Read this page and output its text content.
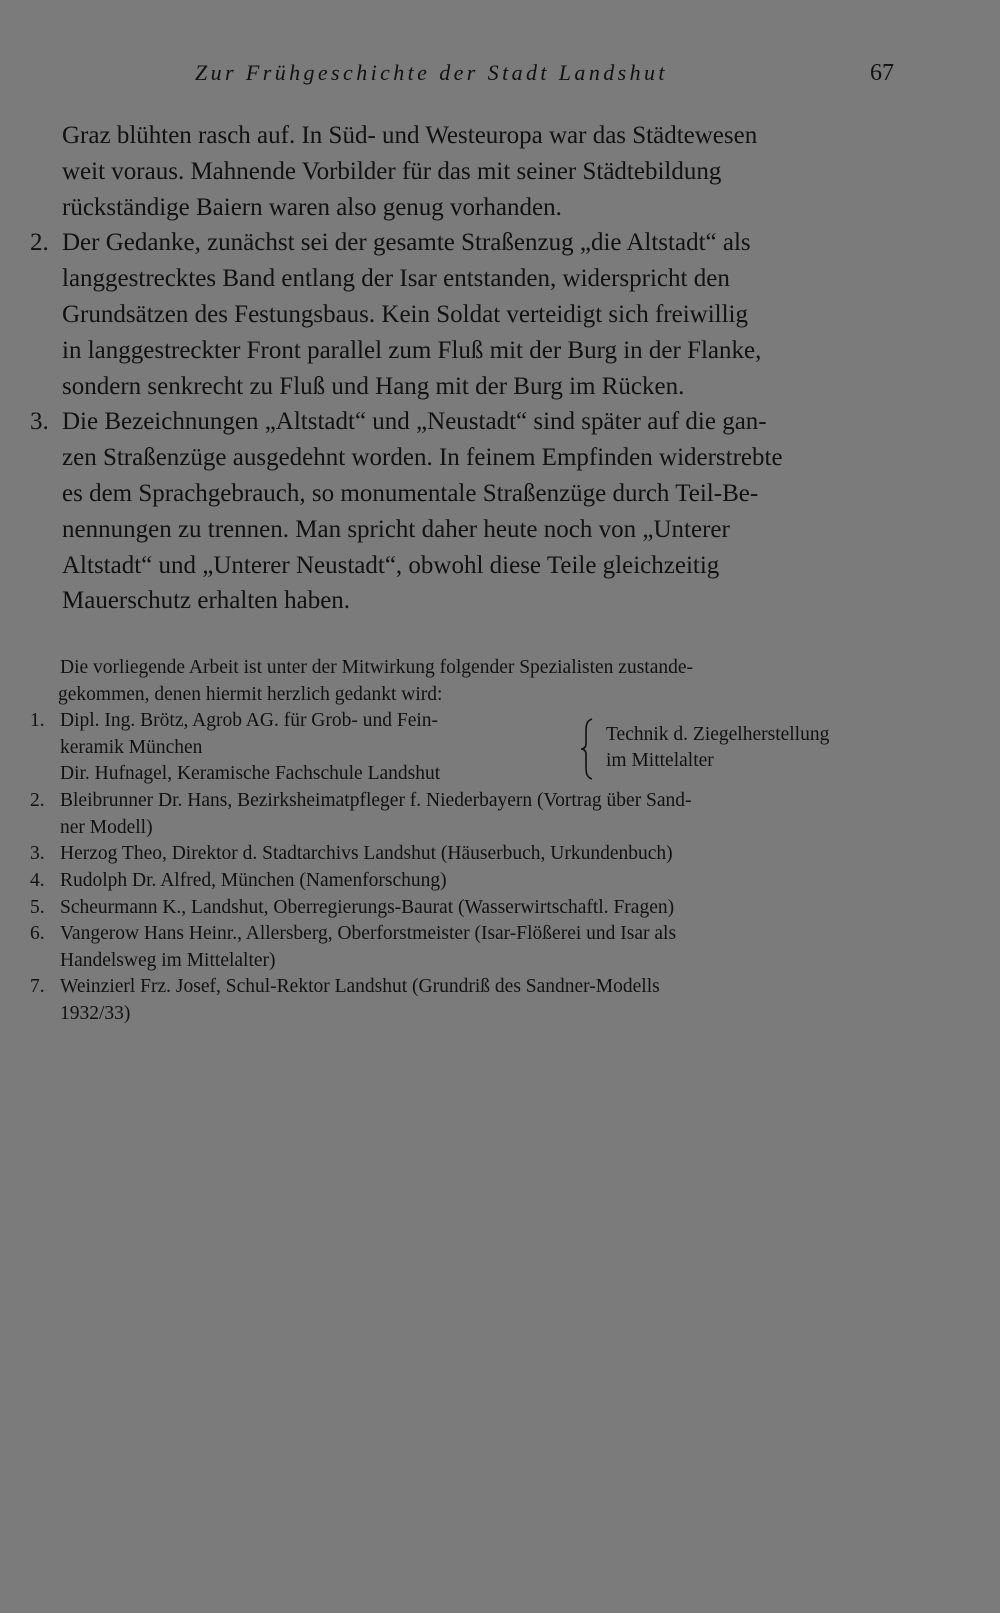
Zur Frühgeschichte der Stadt Landshut	67

Graz blühten rasch auf. In Süd- und Westeuropa war das Städtewesen
weit voraus. Mahnende Vorbilder für das mit seiner Städtebildung
rückständige Baiern waren also genug vorhanden.

2. Der Gedanke, zunächst sei der gesamte Straßenzug „die Altstadt“ als
langgestrecktes Band entlang der Isar entstanden, widerspricht den
Grundsätzen des Festungsbaus. Kein Soldat verteidigt sich freiwillig
in langgestreckter Front parallel zum Fluß mit der Burg in der Flanke,
sondern senkrecht zu Fluß und Hang mit der Burg im Rücken.
3. Die Bezeichnungen „Altstadt“ und „Neustadt“ sind später auf die gan-
zen Straßenzüge ausgedehnt worden. In feinem Empfinden widerstrebte
es dem Sprachgebrauch, so monumentale Straßenzüge durch Teil-Be-
nennungen zu trennen. Man spricht daher heute noch von „Unterer
Altstadt“ und „Unterer Neustadt“, obwohl diese Teile gleichzeitig
Mauerschutz erhalten haben.

Die vorliegende Arbeit ist unter der Mitwirkung folgender Spezialisten zustande-
gekommen, denen hiermit herzlich gedankt wird:

1. Dipl. Ing. Brötz, Agrob AG. für Grob- und Fein-
keramik München
Dir. Hufnagel, Keramische Fachschule Landshut
Technik d. Ziegelherstellung
im Mittelalter
2. Bleibrunner Dr. Hans, Bezirksheimatpfleger f. Niederbayern (Vortrag über Sand-
ner Modell)
3. Herzog Theo, Direktor d. Stadtarchivs Landshut (Häuserbuch, Urkundenbuch)
4. Rudolph Dr. Alfred, München (Namenforschung)
5. Scheurmann K., Landshut, Oberregierungs-Baurat (Wasserwirtschaftl. Fragen)
6. Vangerow Hans Heinr., Allersberg, Oberforstmeister (Isar-Flößerei und Isar als
Handelsweg im Mittelalter)
7. Weinzierl Frz. Josef, Schul-Rektor Landshut (Grundriß des Sandner-Modells
1932/33)
